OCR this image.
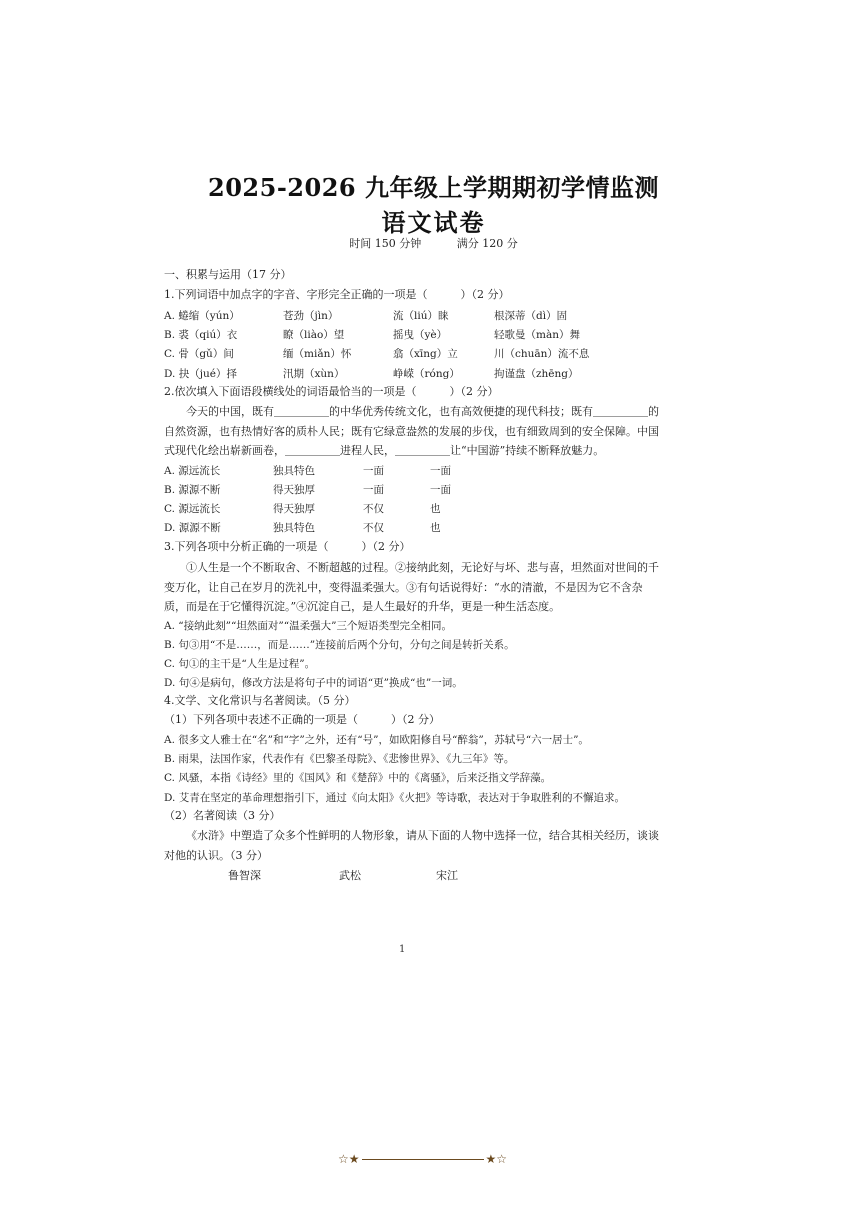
2025-2026 九年级上学期期初学情监测
语文试卷
时间 150 分钟	满分 120 分
一、积累与运用（17 分）
1.下列词语中加点字的字音、字形完全正确的一项是（　　　）（2 分）
A. 蜷缩（yún）	苍劲（jìn）	流（liú）睐	根深蒂（dì）固
B. 裘（qiú）衣	瞭（liào）望	摇曳（yè）	轻歌曼（màn）舞
C. 骨（gǔ）间	缅（miǎn）怀	翕（xīng）立	川（chuān）流不息
D. 抉（jué）择	汛期（xùn）	峥嵘（róng）	拘谨盘（zhēng）
2.依次填入下面语段横线处的词语最恰当的一项是（　　　）（2 分）
今天的中国，既有＿＿＿＿＿的中华优秀传统文化，也有高效便捷的现代科技；既有＿＿＿＿＿的自然资源，也有热情好客的质朴人民；既有它绿意盎然的发展的步伐，也有细致周到的安全保障。中国式现代化绘出崭新画卷，＿＿＿＿＿进程人民，＿＿＿＿＿让“中国游”持续不断释放魅力。
A. 源远流长	独具特色	一面	一面
B. 源源不断	得天独厚	一面	一面
C. 源远流长	得天独厚	不仅	也
D. 源源不断	独具特色	不仅	也
3.下列各项中分析正确的一项是（　　　）（2 分）
①人生是一个不断取舍、不断超越的过程。②接纳此刻，无论好与坏、悲与喜，坦然面对世间的千变万化，让自己在岁月的洗礼中，变得温柔强大。③有句话说得好：“水的清澈，不是因为它不含杂质，而是在于它懂得沉淀。”④沉淀自己，是人生最好的升华，更是一种生活态度。
A. “接纳此刻”“坦然面对”“温柔强大”三个短语类型完全相同。
B. 句③用“不是……，而是……”连接前后两个分句，分句之间是转折关系。
C. 句①的主干是“人生是过程”。
D. 句④是病句，修改方法是将句子中的词语“更”换成“也”一词。
4.文学、文化常识与名著阅读。（5 分）
（1）下列各项中表述不正确的一项是（　　　）（2 分）
A. 很多文人雅士在“名”和“字”之外，还有“号”，如欧阳修自号“醉翁”，苏轼号“六一居士”。
B. 雨果，法国作家，代表作有《巴黎圣母院》、《悲惨世界》、《九三年》等。
C. 风骚，本指《诗经》里的《国风》和《楚辞》中的《离骚》，后来泛指文学辞藻。
D. 艾青在坚定的革命理想指引下，通过《向太阳》《火把》等诗歌，表达对于争取胜利的不懈追求。
（2）名著阅读（3 分）
《水浒》中塑造了众多个性鲜明的人物形象，请从下面的人物中选择一位，结合其相关经历，谈谈对他的认识。（3 分）
鲁智深	武松	宋江
1
☆★	★☆
